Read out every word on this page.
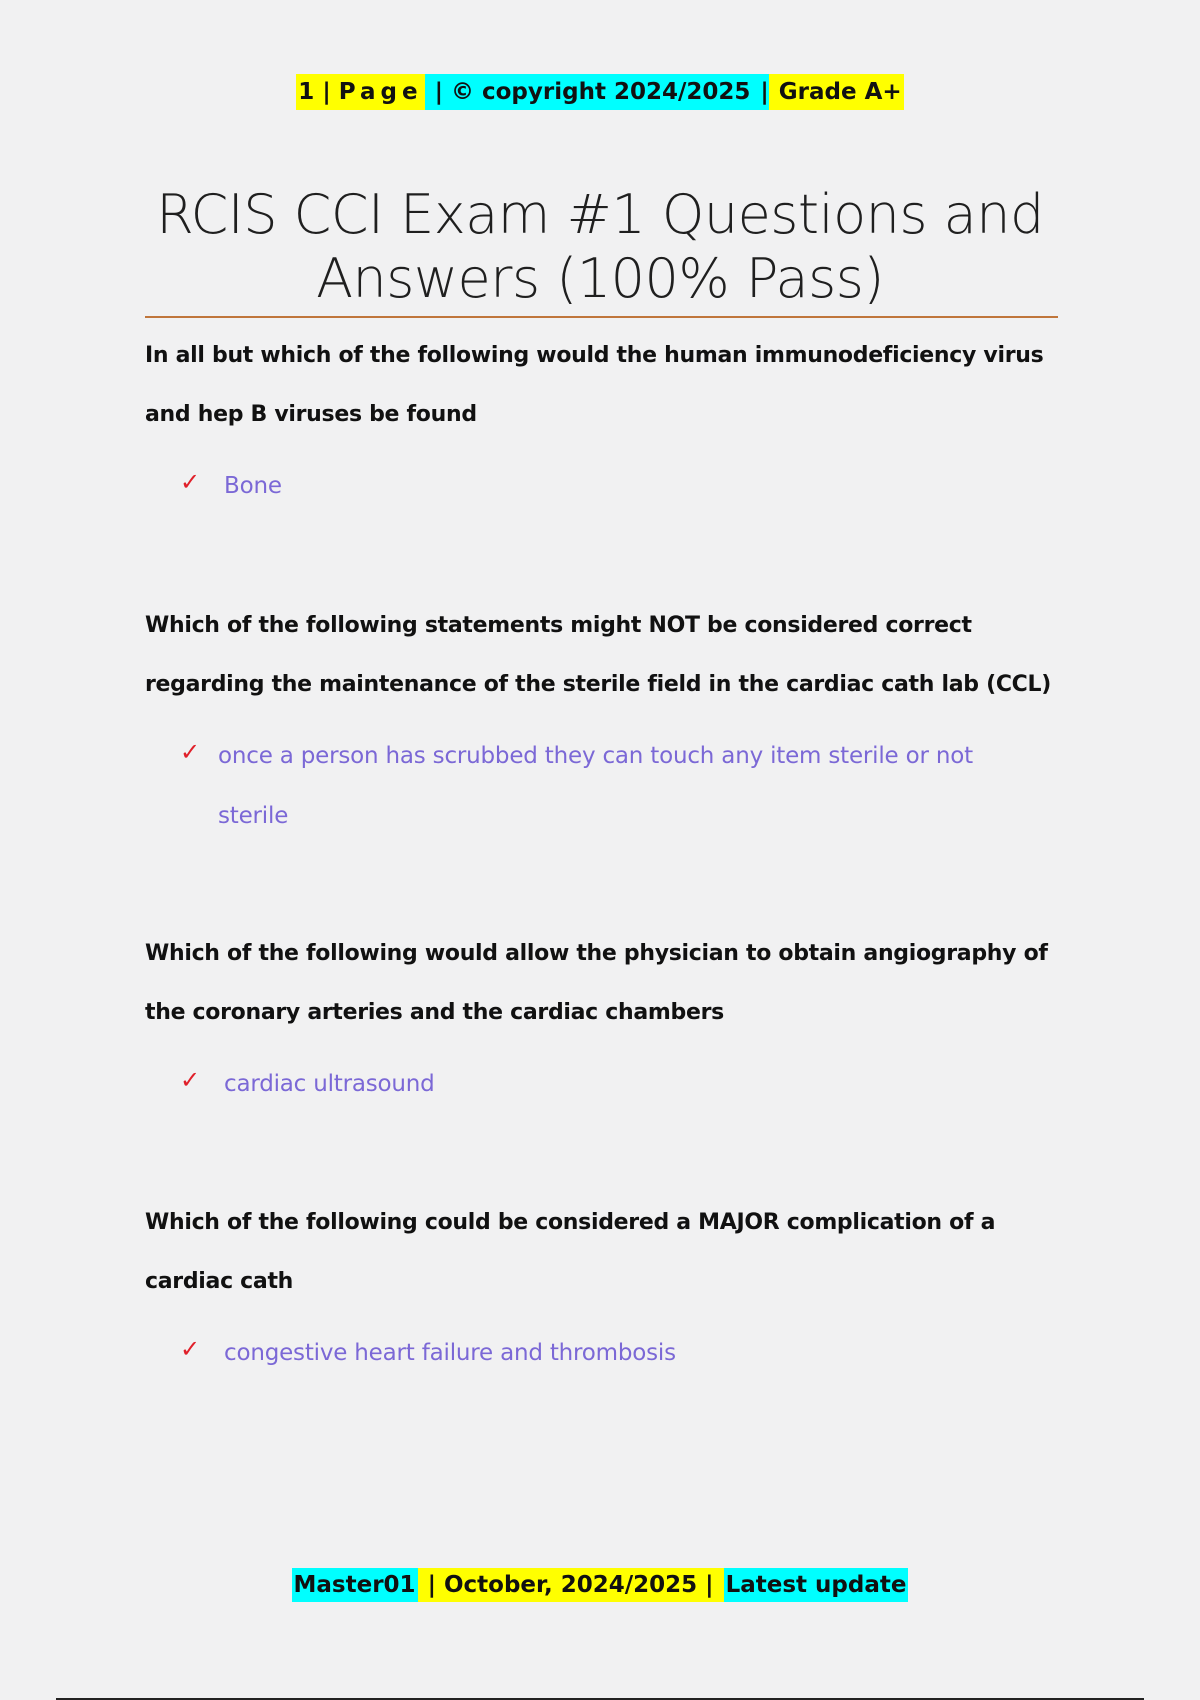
1 | Page | © copyright 2024/2025 | Grade A+
RCIS CCI Exam #1 Questions and
Answers (100% Pass)

In all but which of the following would the human immunodeficiency virus and hep B viruses be found

✓ Bone

Which of the following statements might NOT be considered correct regarding the maintenance of the sterile field in the cardiac cath lab (CCL)

✓ once a person has scrubbed they can touch any item sterile or not sterile

Which of the following would allow the physician to obtain angiography of the coronary arteries and the cardiac chambers

✓ cardiac ultrasound

Which of the following could be considered a MAJOR complication of a cardiac cath

✓ congestive heart failure and thrombosis
Master01 | October, 2024/2025 | Latest update
